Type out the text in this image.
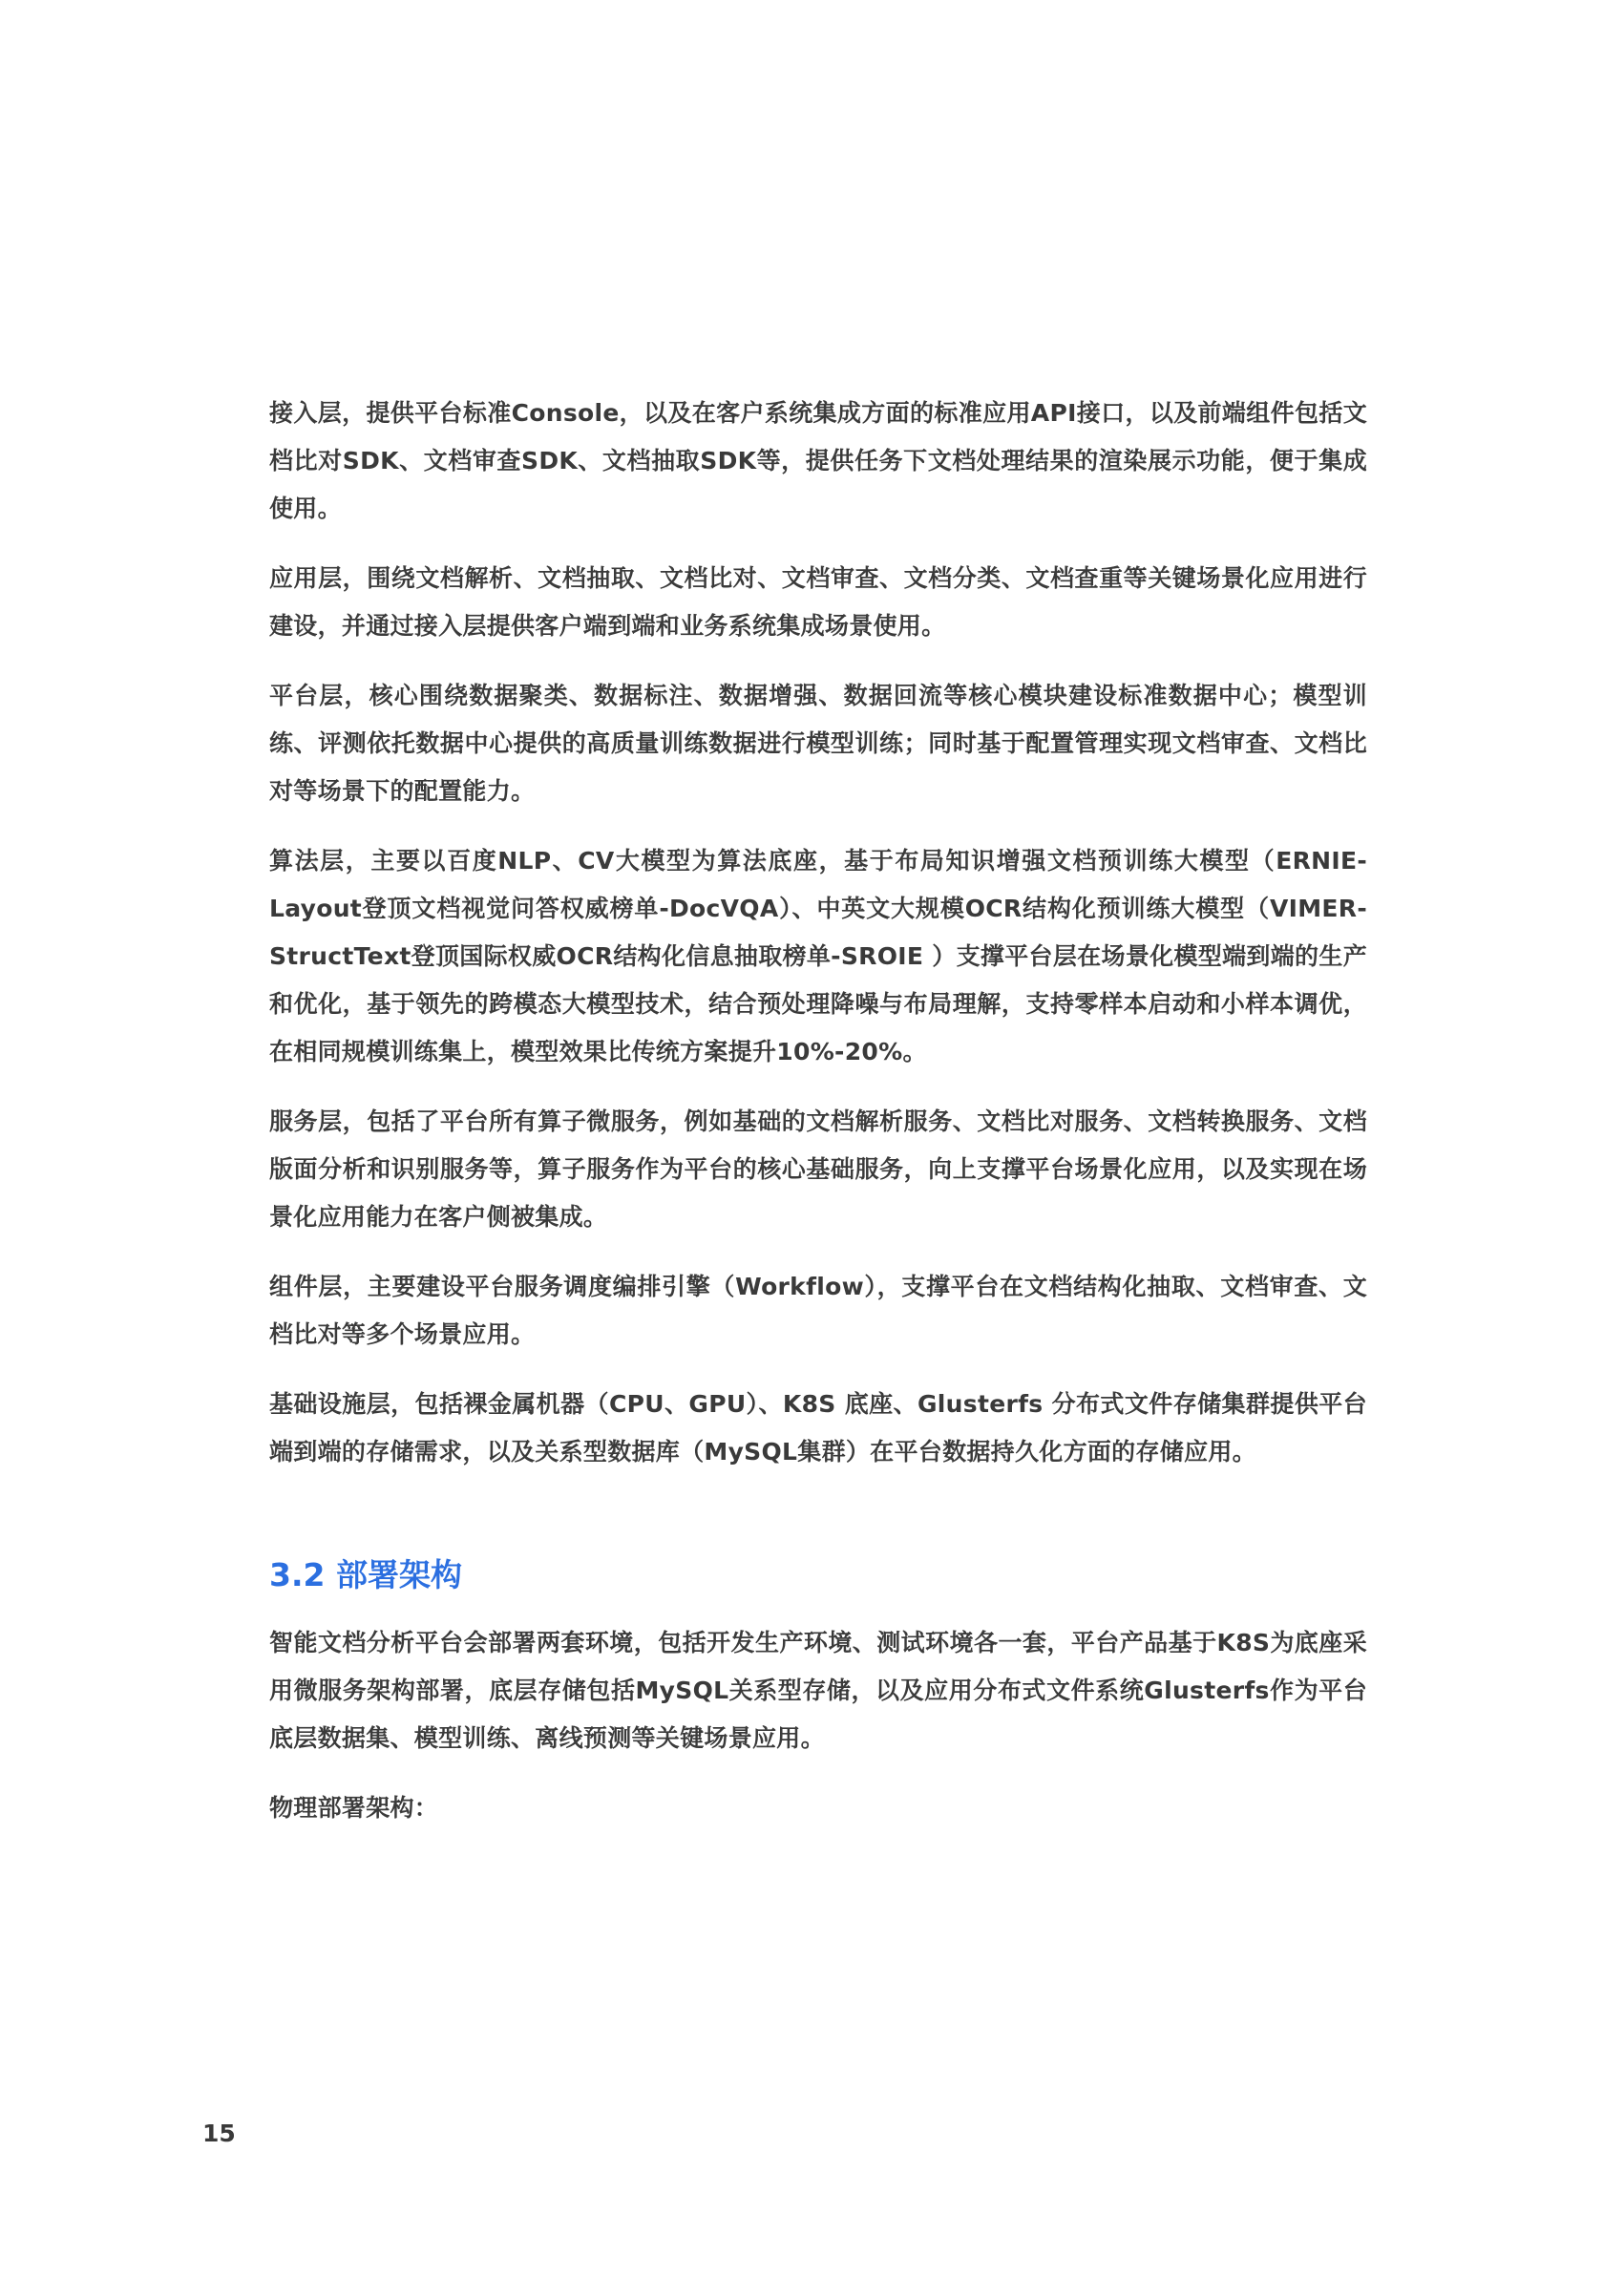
接入层，提供平台标准Console，以及在客户系统集成方面的标准应用API接口，以及前端组件包括文档比对SDK、文档审查SDK、文档抽取SDK等，提供任务下文档处理结果的渲染展示功能，便于集成使用。

应用层，围绕文档解析、文档抽取、文档比对、文档审查、文档分类、文档查重等关键场景化应用进行建设，并通过接入层提供客户端到端和业务系统集成场景使用。

平台层，核心围绕数据聚类、数据标注、数据增强、数据回流等核心模块建设标准数据中心；模型训练、评测依托数据中心提供的高质量训练数据进行模型训练；同时基于配置管理实现文档审查、文档比对等场景下的配置能力。

算法层，主要以百度NLP、CV大模型为算法底座，基于布局知识增强文档预训练大模型（ERNIE-Layout登顶文档视觉问答权威榜单-DocVQA）、中英文大规模OCR结构化预训练大模型（VIMER-StructText登顶国际权威OCR结构化信息抽取榜单-SROIE ）支撑平台层在场景化模型端到端的生产和优化，基于领先的跨模态大模型技术，结合预处理降噪与布局理解，支持零样本启动和小样本调优，在相同规模训练集上，模型效果比传统方案提升10%-20%。

服务层，包括了平台所有算子微服务，例如基础的文档解析服务、文档比对服务、文档转换服务、文档版面分析和识别服务等，算子服务作为平台的核心基础服务，向上支撑平台场景化应用，以及实现在场景化应用能力在客户侧被集成。

组件层，主要建设平台服务调度编排引擎（Workflow），支撑平台在文档结构化抽取、文档审查、文档比对等多个场景应用。

基础设施层，包括裸金属机器（CPU、GPU）、K8S 底座、Glusterfs 分布式文件存储集群提供平台端到端的存储需求，以及关系型数据库（MySQL集群）在平台数据持久化方面的存储应用。

3.2 部署架构

智能文档分析平台会部署两套环境，包括开发生产环境、测试环境各一套，平台产品基于K8S为底座采用微服务架构部署，底层存储包括MySQL关系型存储，以及应用分布式文件系统Glusterfs作为平台底层数据集、模型训练、离线预测等关键场景应用。

物理部署架构：

15
